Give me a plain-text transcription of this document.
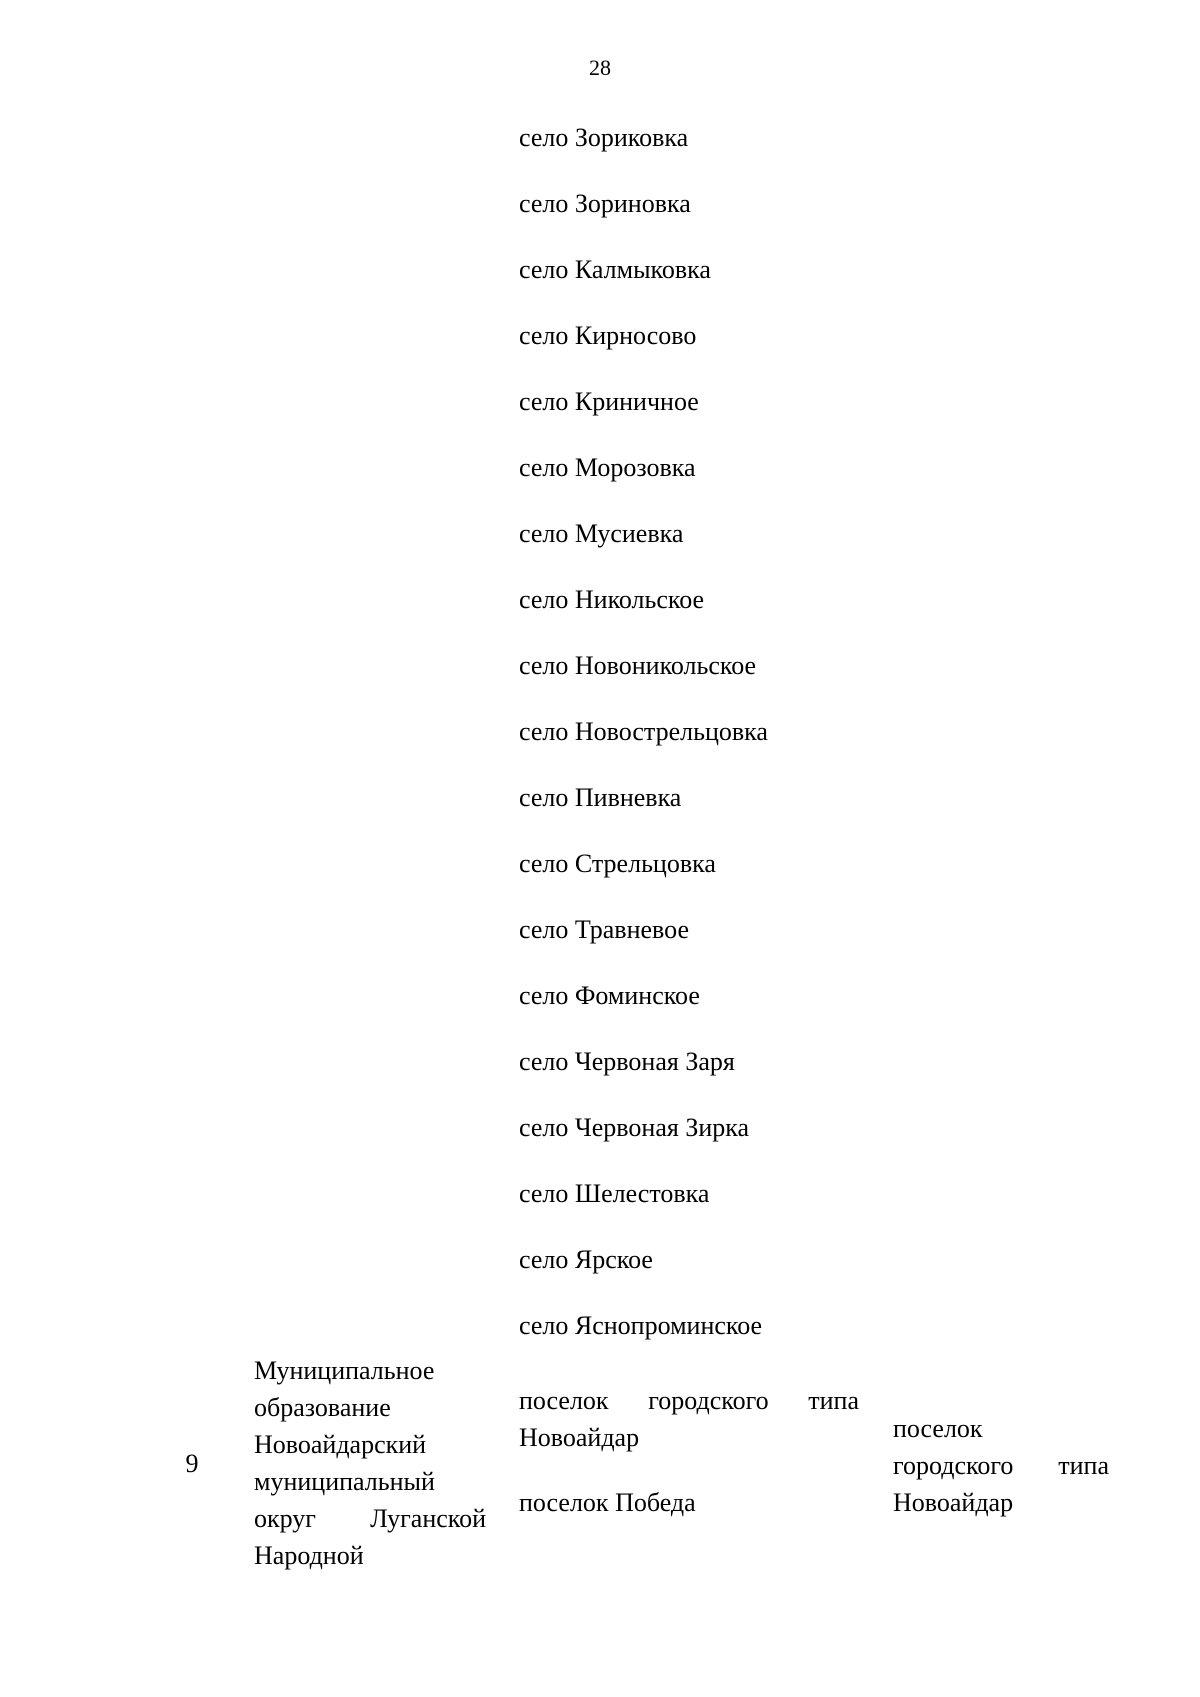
28
село Зориковка
село Зориновка
село Калмыковка
село Кирносово
село Криничное
село Морозовка
село Мусиевка
село Никольское
село Новоникольское
село Новострельцовка
село Пивневка
село Стрельцовка
село Травневое
село Фоминское
село Червоная Заря
село Червоная Зирка
село Шелестовка
село Ярское
село Яснопроминское
9
Муниципальное
образование
Новоайдарский
муниципальный
округ Луганской
Народной
поселок городского типа
Новоайдар
поселок Победа
поселок
городского типа
Новоайдар
